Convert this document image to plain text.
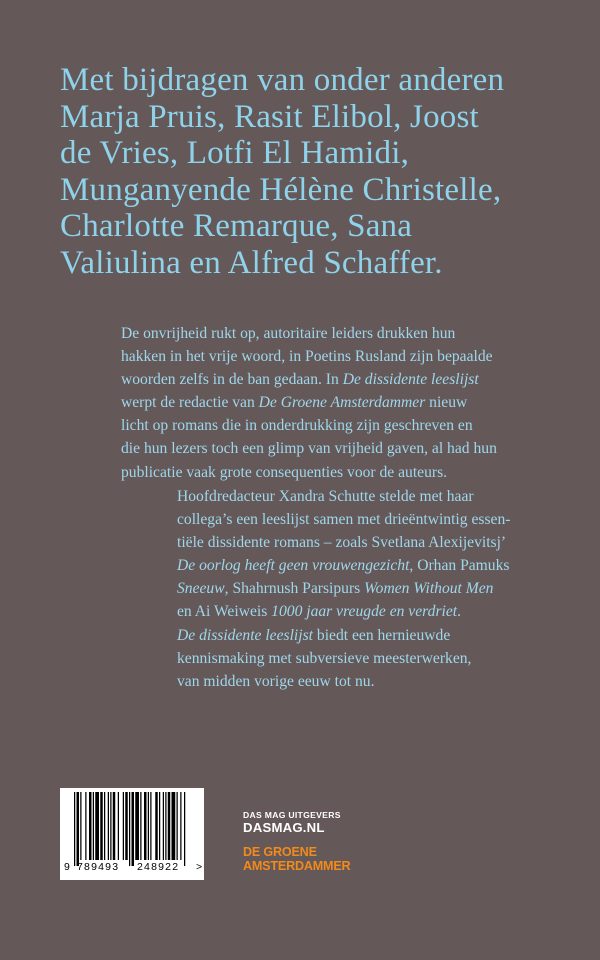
Met bijdragen van onder anderen
Marja Pruis, Rasit Elibol, Joost
de Vries, Lotfi El Hamidi,
Munganyende Hélène Christelle,
Charlotte Remarque, Sana
Valiulina en Alfred Schaffer.
De onvrijheid rukt op, autoritaire leiders drukken hun
hakken in het vrije woord, in Poetins Rusland zijn bepaalde
woorden zelfs in de ban gedaan. In De dissidente leeslijst
werpt de redactie van De Groene Amsterdammer nieuw
licht op romans die in onderdrukking zijn geschreven en
die hun lezers toch een glimp van vrijheid gaven, al had hun
publicatie vaak grote consequenties voor de auteurs.
Hoofdredacteur Xandra Schutte stelde met haar
collega’s een leeslijst samen met drieëntwintig essen-
tiële dissidente romans – zoals Svetlana Alexijevitsj’
De oorlog heeft geen vrouwengezicht, Orhan Pamuks
Sneeuw, Shahrnush Parsipurs Women Without Men
en Ai Weiweis 1000 jaar vreugde en verdriet.
De dissidente leeslijst biedt een hernieuwde
kennismaking met subversieve meesterwerken,
van midden vorige eeuw tot nu.
9 789493 248922 >
DAS MAG UITGEVERS
DASMAG.NL
DE GROENE
AMSTERDAMMER
